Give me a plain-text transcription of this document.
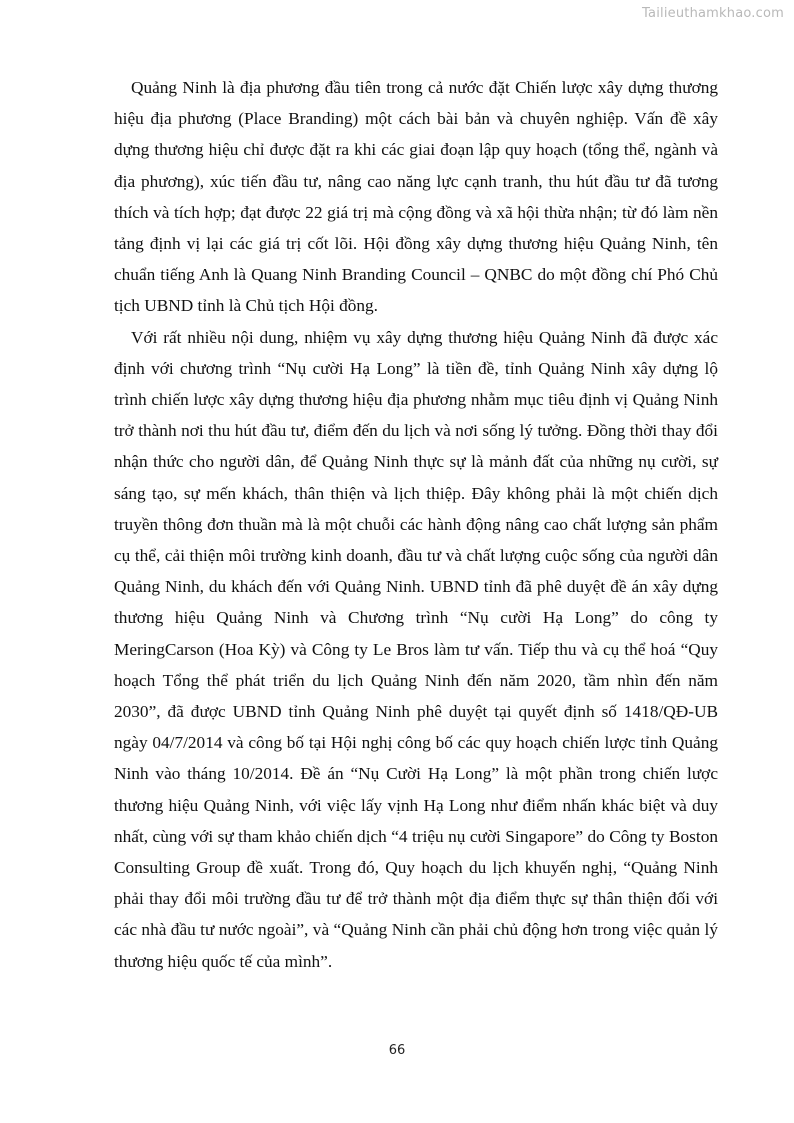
Tailieuthamkhao.com

Quảng Ninh là địa phương đầu tiên trong cả nước đặt Chiến lược xây dựng thương hiệu địa phương (Place Branding) một cách bài bản và chuyên nghiệp. Vấn đề xây dựng thương hiệu chỉ được đặt ra khi các giai đoạn lập quy hoạch (tổng thể, ngành và địa phương), xúc tiến đầu tư, nâng cao năng lực cạnh tranh, thu hút đầu tư đã tương thích và tích hợp; đạt được 22 giá trị mà cộng đồng và xã hội thừa nhận; từ đó làm nền tảng định vị lại các giá trị cốt lõi. Hội đồng xây dựng thương hiệu Quảng Ninh, tên chuẩn tiếng Anh là Quang Ninh Branding Council – QNBC do một đồng chí Phó Chủ tịch UBND tỉnh là Chủ tịch Hội đồng.

Với rất nhiều nội dung, nhiệm vụ xây dựng thương hiệu Quảng Ninh đã được xác định với chương trình “Nụ cười Hạ Long” là tiền đề, tỉnh Quảng Ninh xây dựng lộ trình chiến lược xây dựng thương hiệu địa phương nhằm mục tiêu định vị Quảng Ninh trở thành nơi thu hút đầu tư, điểm đến du lịch và nơi sống lý tưởng. Đồng thời thay đổi nhận thức cho người dân, để Quảng Ninh thực sự là mảnh đất của những nụ cười, sự sáng tạo, sự mến khách, thân thiện và lịch thiệp. Đây không phải là một chiến dịch truyền thông đơn thuần mà là một chuỗi các hành động nâng cao chất lượng sản phẩm cụ thể, cải thiện môi trường kinh doanh, đầu tư và chất lượng cuộc sống của người dân Quảng Ninh, du khách đến với Quảng Ninh. UBND tỉnh đã phê duyệt đề án xây dựng thương hiệu Quảng Ninh và Chương trình “Nụ cười Hạ Long” do công ty MeringCarson (Hoa Kỳ) và Công ty Le Bros làm tư vấn. Tiếp thu và cụ thể hoá “Quy hoạch Tổng thể phát triển du lịch Quảng Ninh đến năm 2020, tầm nhìn đến năm 2030”, đã được UBND tỉnh Quảng Ninh phê duyệt tại quyết định số 1418/QĐ-UB ngày 04/7/2014 và công bố tại Hội nghị công bố các quy hoạch chiến lược tỉnh Quảng Ninh vào tháng 10/2014. Đề án “Nụ Cười Hạ Long” là một phần trong chiến lược thương hiệu Quảng Ninh, với việc lấy vịnh Hạ Long như điểm nhấn khác biệt và duy nhất, cùng với sự tham khảo chiến dịch “4 triệu nụ cười Singapore” do Công ty Boston Consulting Group đề xuất. Trong đó, Quy hoạch du lịch khuyến nghị, “Quảng Ninh phải thay đổi môi trường đầu tư để trở thành một địa điểm thực sự thân thiện đối với các nhà đầu tư nước ngoài”, và “Quảng Ninh cần phải chủ động hơn trong việc quản lý thương hiệu quốc tế của mình”.

66
